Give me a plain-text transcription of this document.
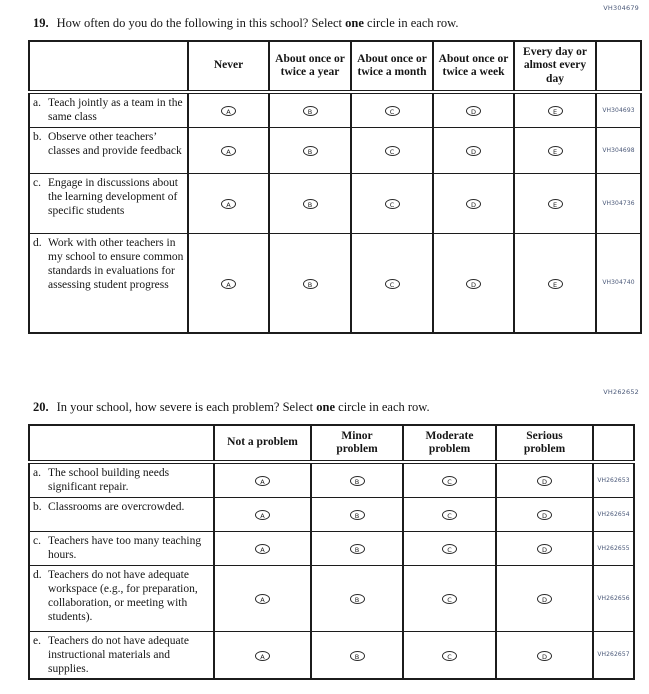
VH304679

19. How often do you do the following in this school? Select one circle in each row.

	Never	About once or twice a year	About once or twice a month	About once or twice a week	Every day or almost every day	

a. Teach jointly as a team in the same class	A	B	C	D	E	VH304693

b. Observe other teachers’ classes and provide feedback	A	B	C	D	E	VH304698

c. Engage in discussions about the learning development of specific students	A	B	C	D	E	VH304736

d. Work with other teachers in my school to ensure common standards in evaluations for assessing student progress	A	B	C	D	E	VH304740
VH262652

20. In your school, how severe is each problem? Select one circle in each row.

	Not a problem	Minor problem	Moderate problem	Serious problem	

a. The school building needs significant repair.	A	B	C	D	VH262653

b. Classrooms are overcrowded.	A	B	C	D	VH262654

c. Teachers have too many teaching hours.	A	B	C	D	VH262655

d. Teachers do not have adequate workspace (e.g., for preparation, collaboration, or meeting with students).	A	B	C	D	VH262656

e. Teachers do not have adequate instructional materials and supplies.	A	B	C	D	VH262657
